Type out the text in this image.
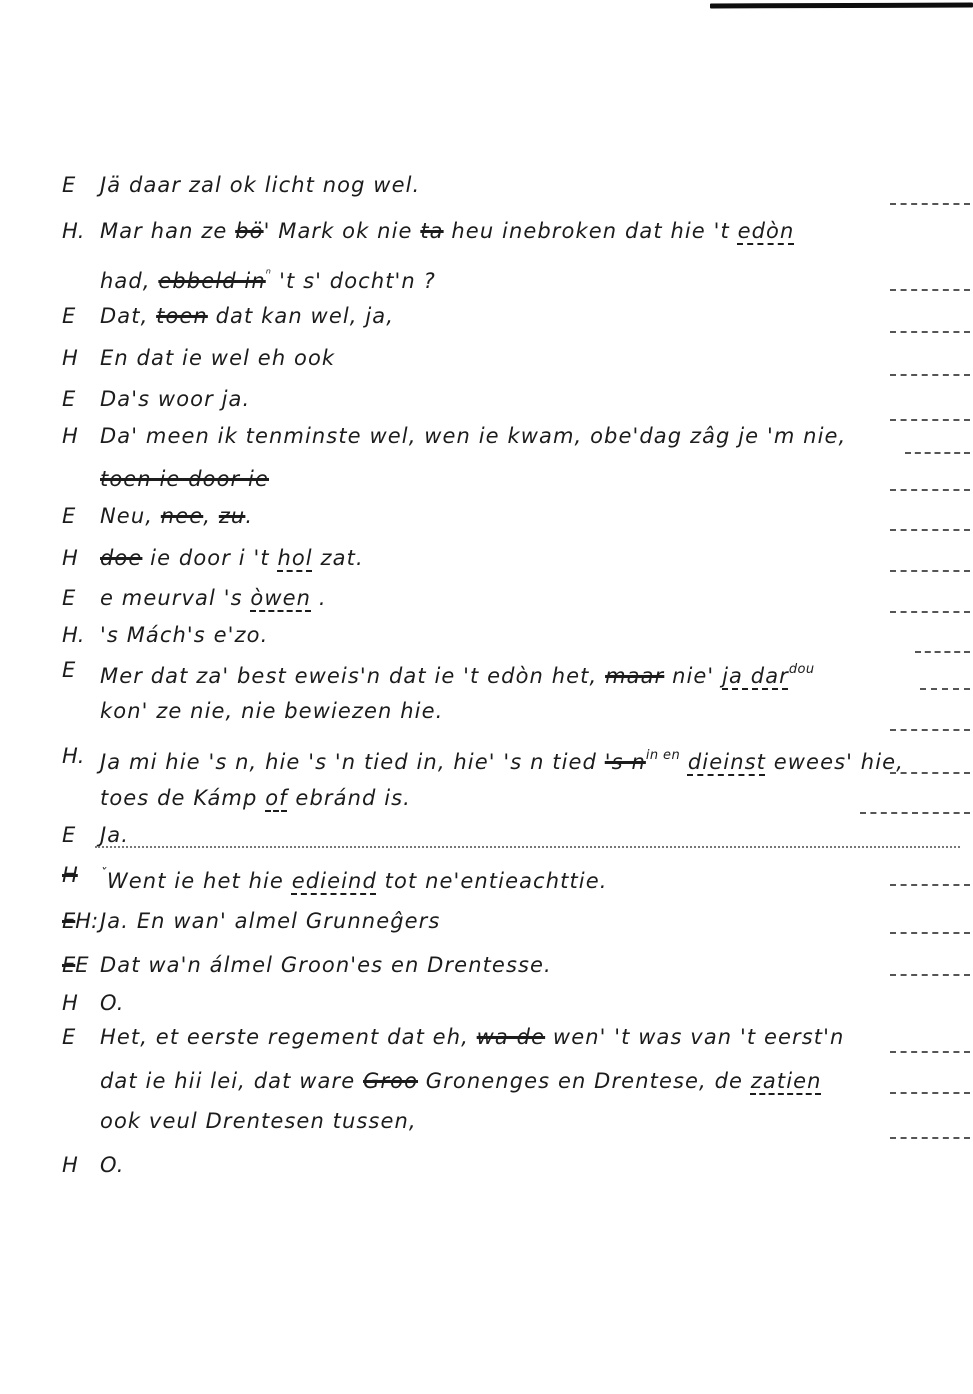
E Jä daar zal ok licht nog wel.
H. Mar han ze bö' Mark ok nie ta heu inebroken dat hie 't edòn
had, ebbeld $in^{^n}$ 't s' docht'n ?
E Dat, toen dat kan wel, ja,
H En dat ie wel eh ook
E Da's woor ja.
H Da' meen ik tenminste wel, wen ie kwam, obe'dag zâg je 'm nie,
toen ie door ie
E Neu, nee, zu.
H doe ie door i 't hol zat.
E e meurval 's òwen .
H. 's Mách's e'zo.
E Mer dat za' best eweis'n dat ie 't edòn het, maar nie' ja dar$^{dou}$
kon' ze nie, nie bewiezen hie.
H. Ja mi hie 's n, hie 's 'n tied in, hie' 's n tied 's $n^{in en}$ dieinst ewees' hie,
toes de Kámp of ebránd is.
E Ja.
H $^ˇ$Went ie het hie edieind tot ne'entieachttie.
EH: Ja. En wan' almel Grunneĝers
EE Dat wa'n álmel Groon'es en Drentesse.
H O.
E Het, et eerste regement dat eh, wa de wen' 't was van 't eerst'n
dat ie hii lei, dat ware Groo Gronenges en Drentese, de zatien
ook veul Drentesen tussen,
H O.
